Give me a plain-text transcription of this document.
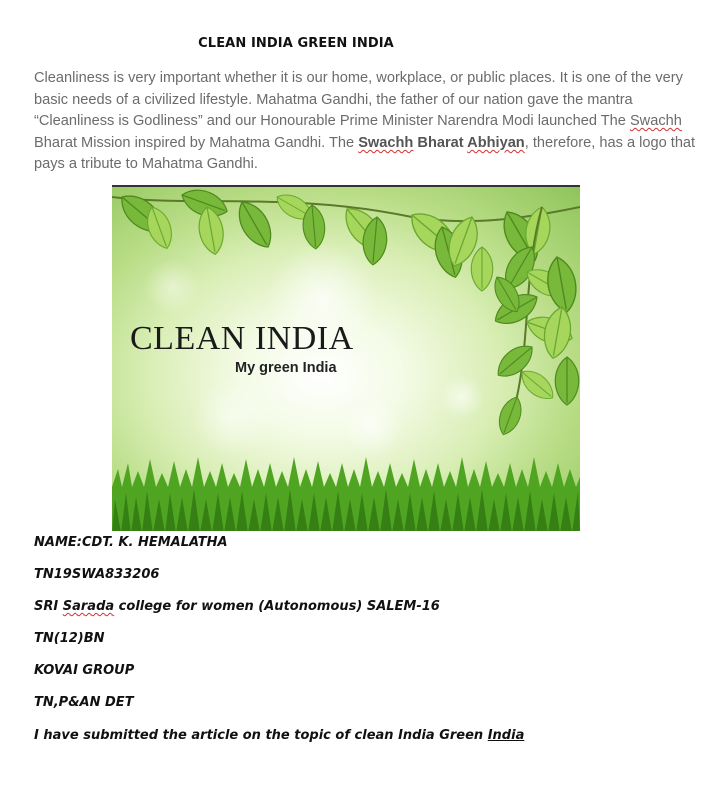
CLEAN INDIA GREEN INDIA
Cleanliness is very important whether it is our home, workplace, or public places. It is one of the very basic needs of a civilized lifestyle. Mahatma Gandhi, the father of our nation gave the mantra “Cleanliness is Godliness” and our Honourable Prime Minister Narendra Modi launched The Swachh Bharat Mission inspired by Mahatma Gandhi. The Swachh Bharat Abhiyan, therefore, has a logo that pays a tribute to Mahatma Gandhi.
CLEAN INDIA
My green India
NAME:CDT. K. HEMALATHA
TN19SWA833206
SRI Sarada college for women (Autonomous) SALEM-16
TN(12)BN
KOVAI GROUP
TN,P&AN DET
I have submitted the article on the topic of clean India Green India
